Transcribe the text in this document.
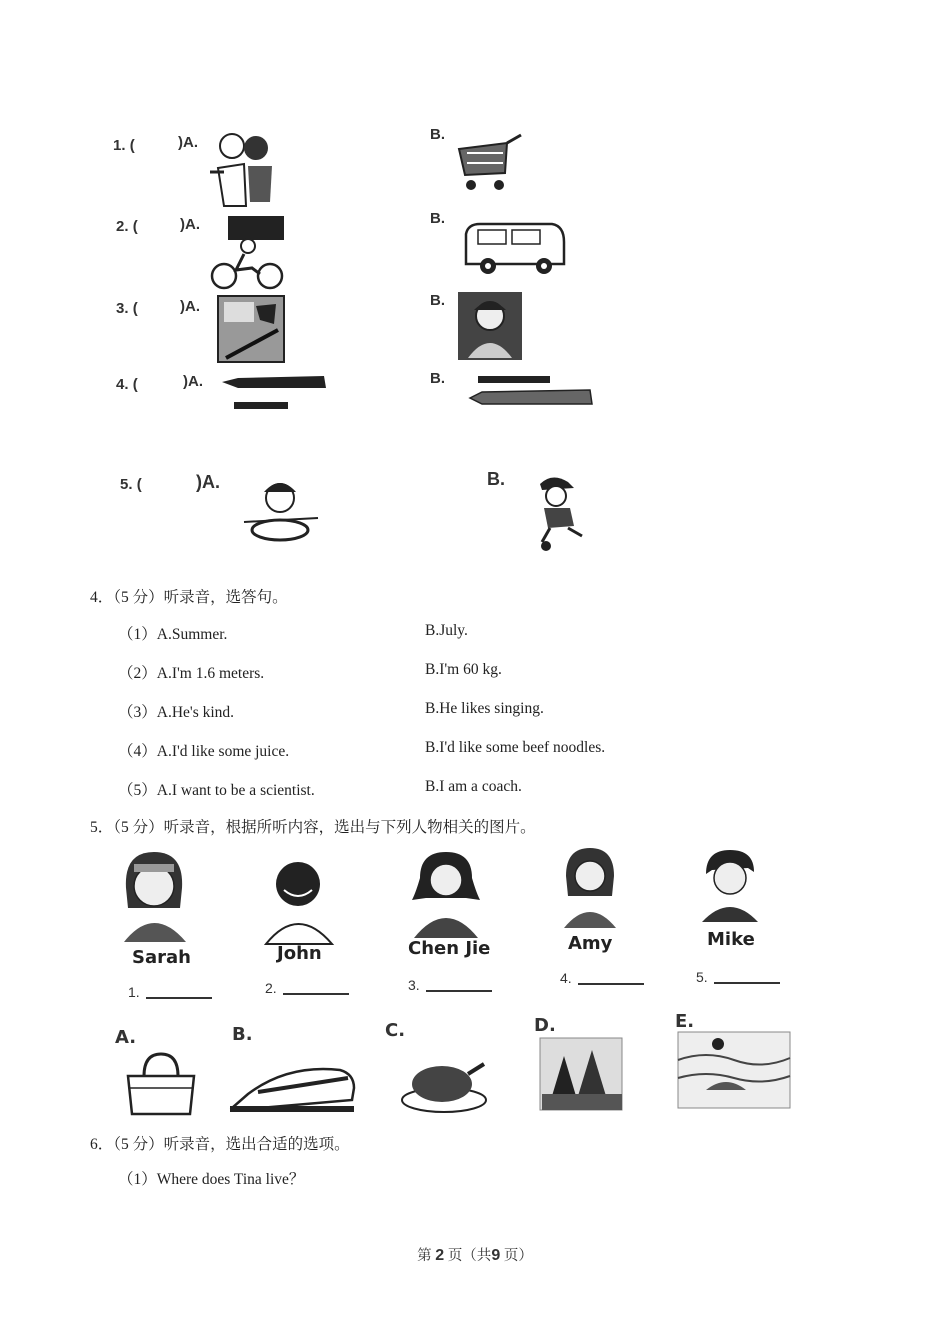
1. (	)A.	B.
2. (	)A.	B.
3. (	)A.	B.
4. (	)A.	B.
5. (	)A.	B.
4．（5 分）听录音，选答句。
（1）A.Summer.	B.July.
（2）A.I'm 1.6 meters.	B.I'm 60 kg.
（3）A.He's kind.	B.He likes singing.
（4）A.I'd like some juice.	B.I'd like some beef noodles.
（5）A.I want to be a scientist.	B.I am a coach.
5．（5 分）听录音，根据所听内容，选出与下列人物相关的图片。
Sarah
1.
John
2.
Chen Jie
3.
Amy
4.
Mike
5.
A.	B.	C.	D.	E.
6．（5 分）听录音，选出合适的选项。
（1）Where does Tina live？
第 2 页（共9 页）
